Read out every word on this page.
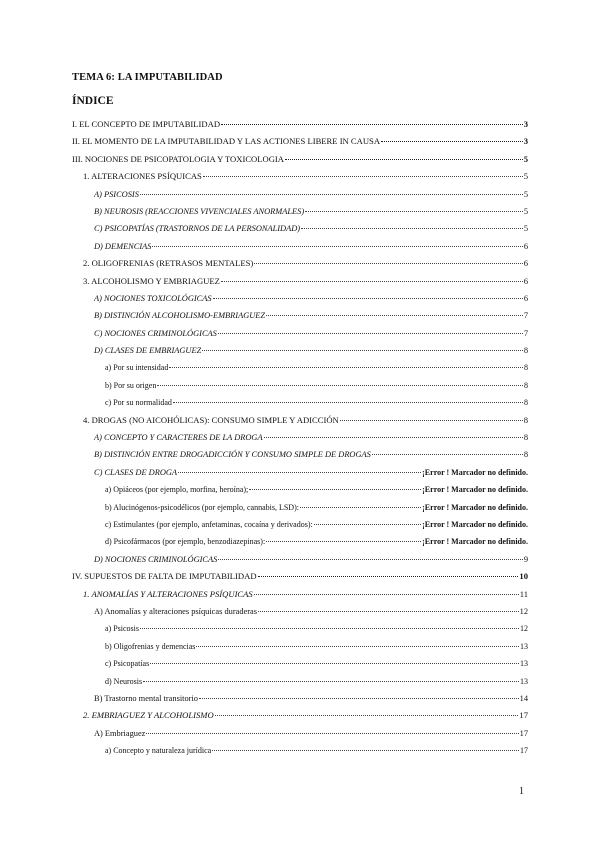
TEMA 6: LA IMPUTABILIDAD
ÍNDICE
I. EL CONCEPTO DE IMPUTABILIDAD	3
II. EL MOMENTO DE LA IMPUTABILIDAD Y LAS ACTIONES LIBERE IN CAUSA	3
III. NOCIONES DE PSICOPATOLOGIA Y TOXICOLOGIA	5
1. ALTERACIONES PSÍQUICAS	5
A) PSICOSIS	5
B) NEUROSIS (REACCIONES VIVENCIALES ANORMALES)	5
C) PSICOPATÍAS (TRASTORNOS DE LA PERSONALIDAD)	5
D) DEMENCIAS	6
2. OLIGOFRENIAS (RETRASOS MENTALES)	6
3. ALCOHOLISMO Y EMBRIAGUEZ	6
A) NOCIONES TOXICOLÓGICAS	6
B) DISTINCIÓN ALCOHOLISMO-EMBRIAGUEZ	7
C) NOCIONES CRIMINOLÓGICAS	7
D) CLASES DE EMBRIAGUEZ	8
a) Por su intensidad	8
b) Por su origen	8
c) Por su normalidad	8
4. DROGAS (NO AICOHÓLICAS): CONSUMO SIMPLE Y ADICCIÓN	8
A) CONCEPTO Y CARACTERES DE LA DROGA	8
B) DISTINCIÓN ENTRE DROGADICCIÓN Y CONSUMO SIMPLE DE DROGAS	8
C) CLASES DE DROGA	¡Error ! Marcador no definido.
a) Opiáceos (por ejemplo, morfina, heroína);	¡Error ! Marcador no definido.
b) Alucinógenos-psicodélicos (por ejemplo, cannabis, LSD):	¡Error ! Marcador no definido.
c) Estimulantes (por ejemplo, anfetaminas, cocaína y derivados):	¡Error ! Marcador no definido.
d) Psicofármacos (por ejemplo, benzodiazepinas):	¡Error ! Marcador no definido.
D) NOCIONES CRIMINOLÓGICAS	9
IV. SUPUESTOS DE FALTA DE IMPUTABILIDAD	10
1. ANOMALÍAS Y ALTERACIONES PSÍQUICAS	11
A) Anomalías y alteraciones psíquicas duraderas	12
a) Psicosis	12
b) Oligofrenias y demencias	13
c) Psicopatías	13
d) Neurosis	13
B) Trastorno mental transitorio	14
2. EMBRIAGUEZ Y ALCOHOLISMO	17
A) Embriaguez	17
a) Concepto y naturaleza jurídica	17
1
